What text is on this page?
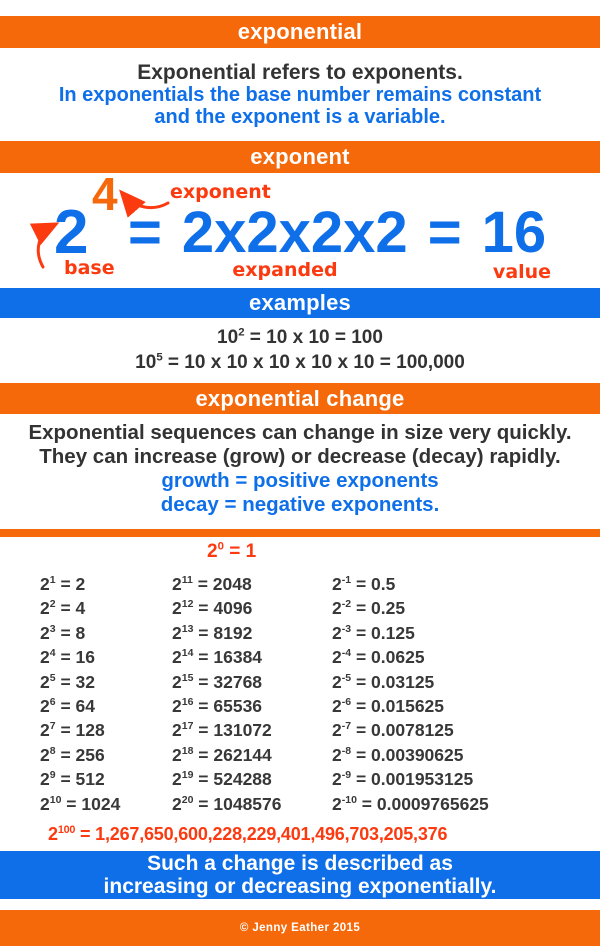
exponential
Exponential refers to exponents.
In exponentials the base number remains constant
and the exponent is a variable.
exponent
4
2 = 2x2x2x2 = 16
exponent
base	expanded	value
examples
$10^2 = 10$ x 10 = 100
$10^5 = 10$ x 10 x 10 x 10 x 10 = 100,000
exponential change
Exponential sequences can change in size very quickly.
They can increase (grow) or decrease (decay) rapidly.
growth = positive exponents
decay = negative exponents.
$2^0 = 1$
$2^1 = 2$
$2^2 = 4$
$2^3 = 8$
$2^4 = 16$
$2^5 = 32$
$2^6 = 64$
$2^7 = 128$
$2^8 = 256$
$2^9 = 512$
$2^{10} = 1024$
$2^{11} = 2048$
$2^{12} = 4096$
$2^{13} = 8192$
$2^{14} = 16384$
$2^{15} = 32768$
$2^{16} = 65536$
$2^{17} = 131072$
$2^{18} = 262144$
$2^{19} = 524288$
$2^{20} = 1048576$
$2^{-1} = 0.5$
$2^{-2} = 0.25$
$2^{-3} = 0.125$
$2^{-4} = 0.0625$
$2^{-5} = 0.03125$
$2^{-6} = 0.015625$
$2^{-7} = 0.0078125$
$2^{-8} = 0.00390625$
$2^{-9} = 0.001953125$
$2^{-10} = 0.0009765625$
$2^{100} = 1,267,650,600,228,229,401,496,703,205,376$
Such a change is described as
increasing or decreasing exponentially.
© Jenny Eather 2015
